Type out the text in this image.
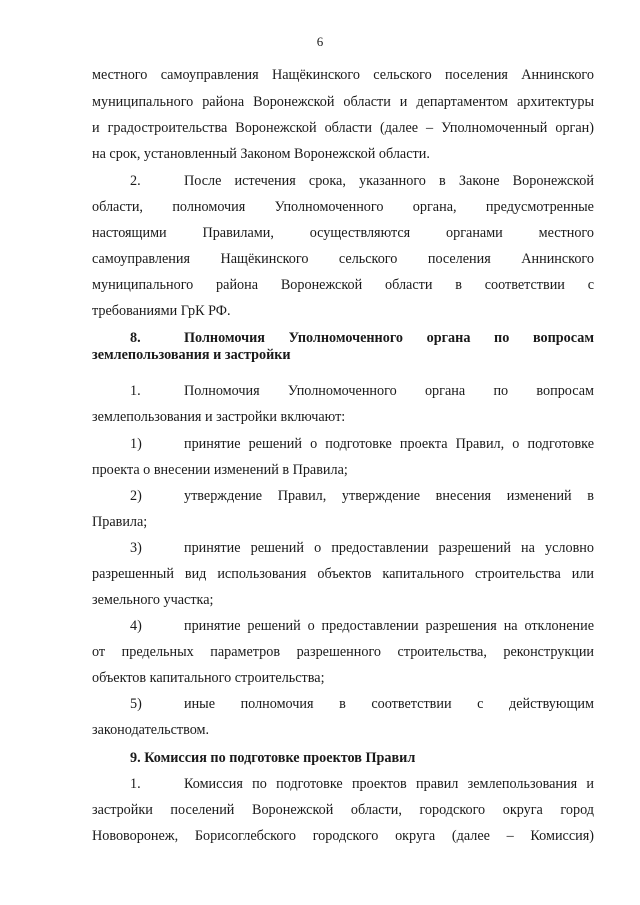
6
местного самоуправления Нащёкинского сельского поселения Аннинского
муниципального района Воронежской области и департаментом архитектуры
и градостроительства Воронежской области (далее – Уполномоченный орган)
на срок, установленный Законом Воронежской области.
2.	После истечения срока, указанного в Законе Воронежской
области, полномочия Уполномоченного органа, предусмотренные
настоящими Правилами, осуществляются органами местного
самоуправления Нащёкинского сельского поселения Аннинского
муниципального района Воронежской области в соответствии с
требованиями ГрК РФ.
8.	Полномочия Уполномоченного органа по вопросам
землепользования и застройки
1.	Полномочия Уполномоченного органа по вопросам
землепользования и застройки включают:
1)	принятие решений о подготовке проекта Правил, о подготовке
проекта о внесении изменений в Правила;
2)	утверждение Правил, утверждение внесения изменений в
Правила;
3)	принятие решений о предоставлении разрешений на условно
разрешенный вид использования объектов капитального строительства или
земельного участка;
4)	принятие решений о предоставлении разрешения на отклонение
от предельных параметров разрешенного строительства, реконструкции
объектов капитального строительства;
5)	иные полномочия в соответствии с действующим
законодательством.
9. Комиссия по подготовке проектов Правил
1.	Комиссия по подготовке проектов правил землепользования и
застройки поселений Воронежской области, городского округа город
Нововоронеж, Борисоглебского городского округа (далее – Комиссия)
